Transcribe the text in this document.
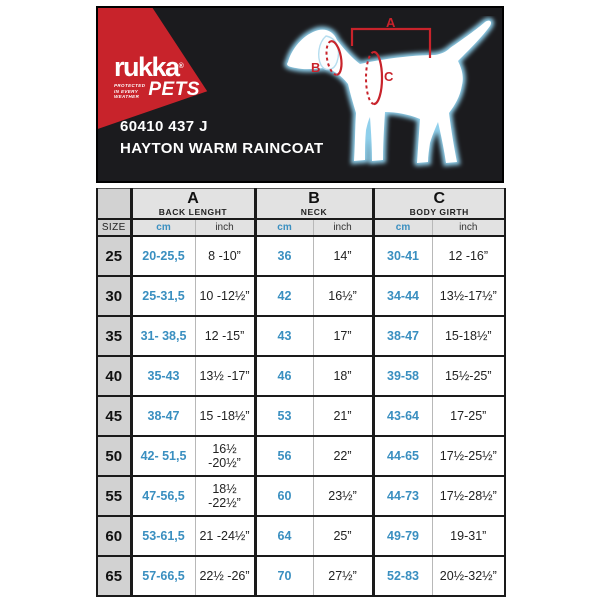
rukka®
PROTECTED
IN EVERY
WEATHER PETS
60410 437 J
HAYTON WARM RAINCOAT
A
B
C

A
BACK LENGHT

B
NECK

C
BODY GIRTH

SIZE	cm	inch	cm	inch	cm	inch
25	20-25,5	8 -10”	36	14”	30-41	12 -16”
30	25-31,5	10 -12½”	42	16½”	34-44	13½-17½”
35	31- 38,5	12 -15”	43	17”	38-47	15-18½”
40	35-43	13½ -17”	46	18”	39-58	15½-25”
45	38-47	15 -18½”	53	21”	43-64	17-25”
50	42- 51,5	16½ -20½”	56	22”	44-65	17½-25½”
55	47-56,5	18½ -22½”	60	23½”	44-73	17½-28½”
60	53-61,5	21 -24½”	64	25”	49-79	19-31”
65	57-66,5	22½ -26”	70	27½”	52-83	20½-32½”
